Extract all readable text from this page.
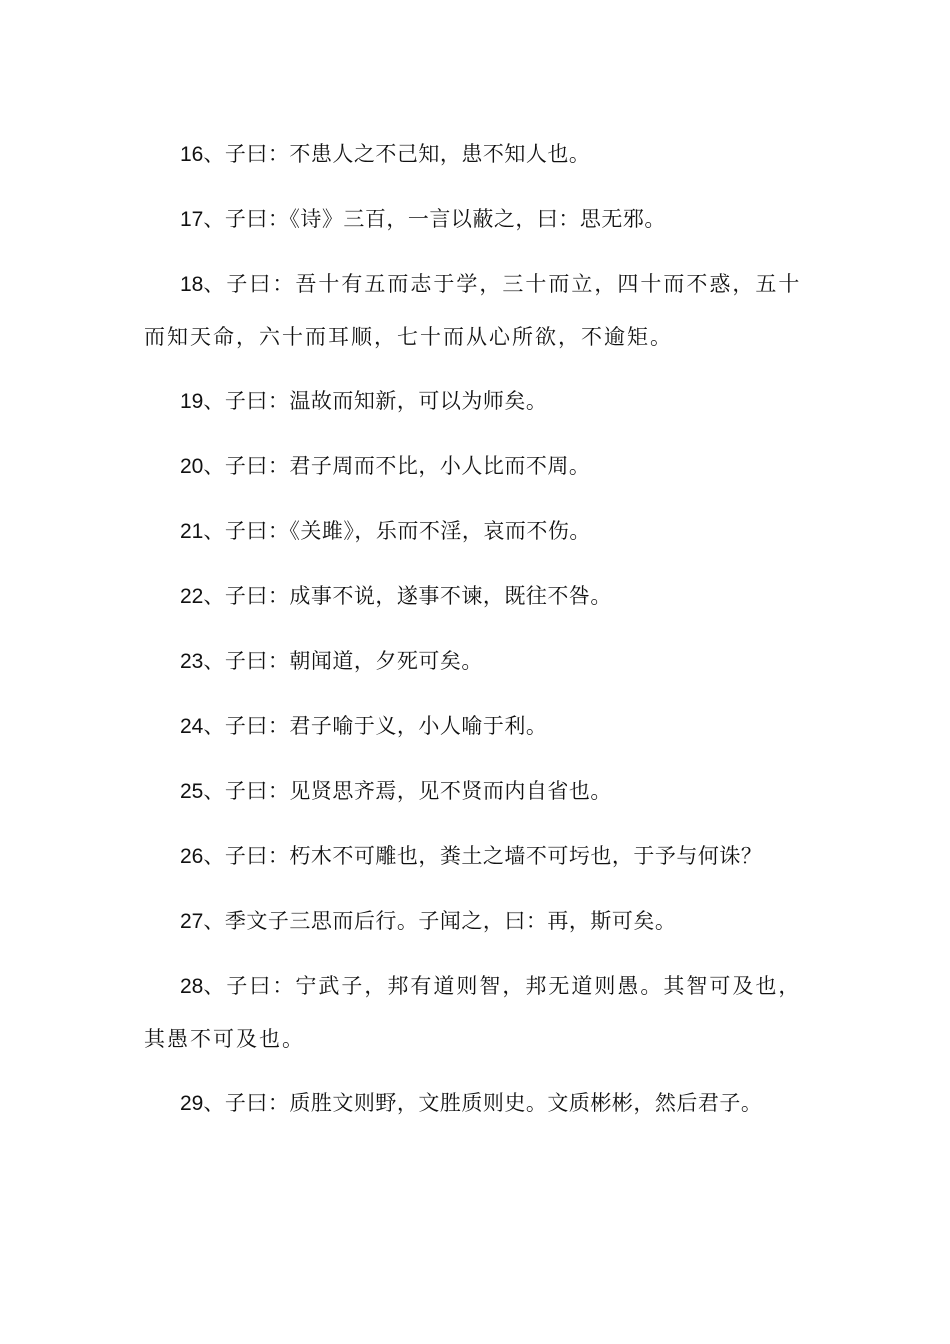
16、子曰：不患人之不己知，患不知人也。

17、子曰：《诗》三百，一言以蔽之，曰：思无邪。

18、子曰：吾十有五而志于学，三十而立，四十而不惑，五十而知天命，六十而耳顺，七十而从心所欲，不逾矩。

19、子曰：温故而知新，可以为师矣。

20、子曰：君子周而不比，小人比而不周。

21、子曰：《关雎》，乐而不淫，哀而不伤。

22、子曰：成事不说，遂事不谏，既往不咎。

23、子曰：朝闻道，夕死可矣。

24、子曰：君子喻于义，小人喻于利。

25、子曰：见贤思齐焉，见不贤而内自省也。

26、子曰：朽木不可雕也，粪土之墙不可圬也，于予与何诛？

27、季文子三思而后行。子闻之，曰：再，斯可矣。

28、子曰：宁武子，邦有道则智，邦无道则愚。其智可及也，其愚不可及也。

29、子曰：质胜文则野，文胜质则史。文质彬彬，然后君子。
